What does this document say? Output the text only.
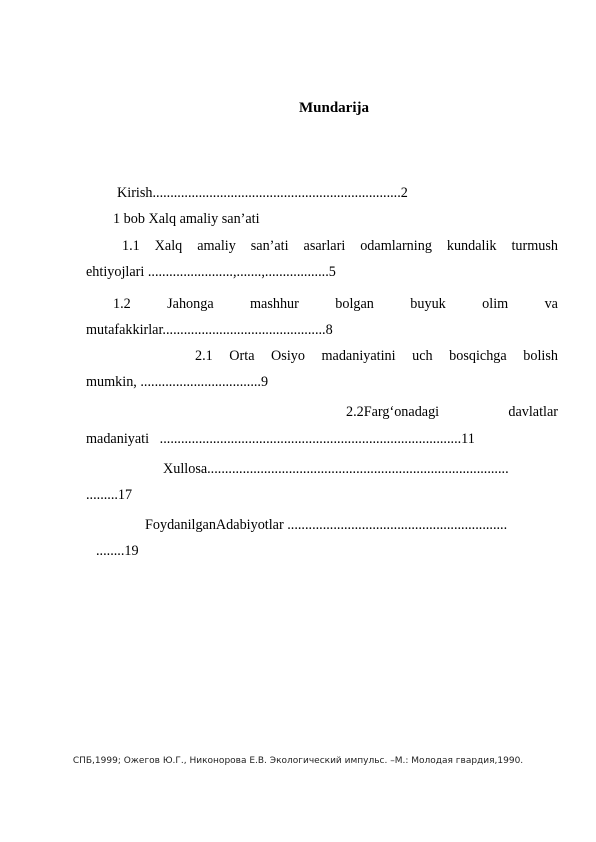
Mundarija
Kirish......................................................................2
1 bob Xalq amaliy san’ati
1.1 Xalq amaliy san’ati asarlari odamlarning kundalik turmush
ehtiyojlari ........................,.......,..................5
1.2	Jahonga	mashhur	bolgan	buyuk	olim	va
mutafakkirlar..............................................8
2.1 Orta Osiyo madaniyatini uch bosqichga bolish
mumkin, ..................................9
2.2Farg‘onadagi	davlatlar
madaniyati   .....................................................................................11
Xullosa.....................................................................................
.........17
FoydanilganAdabiyotlar ..............................................................
........19
СПБ,1999; Ожегов Ю.Г., Никонорова Е.В. Экологический импульс. –М.: Молодая гвардия,1990.
